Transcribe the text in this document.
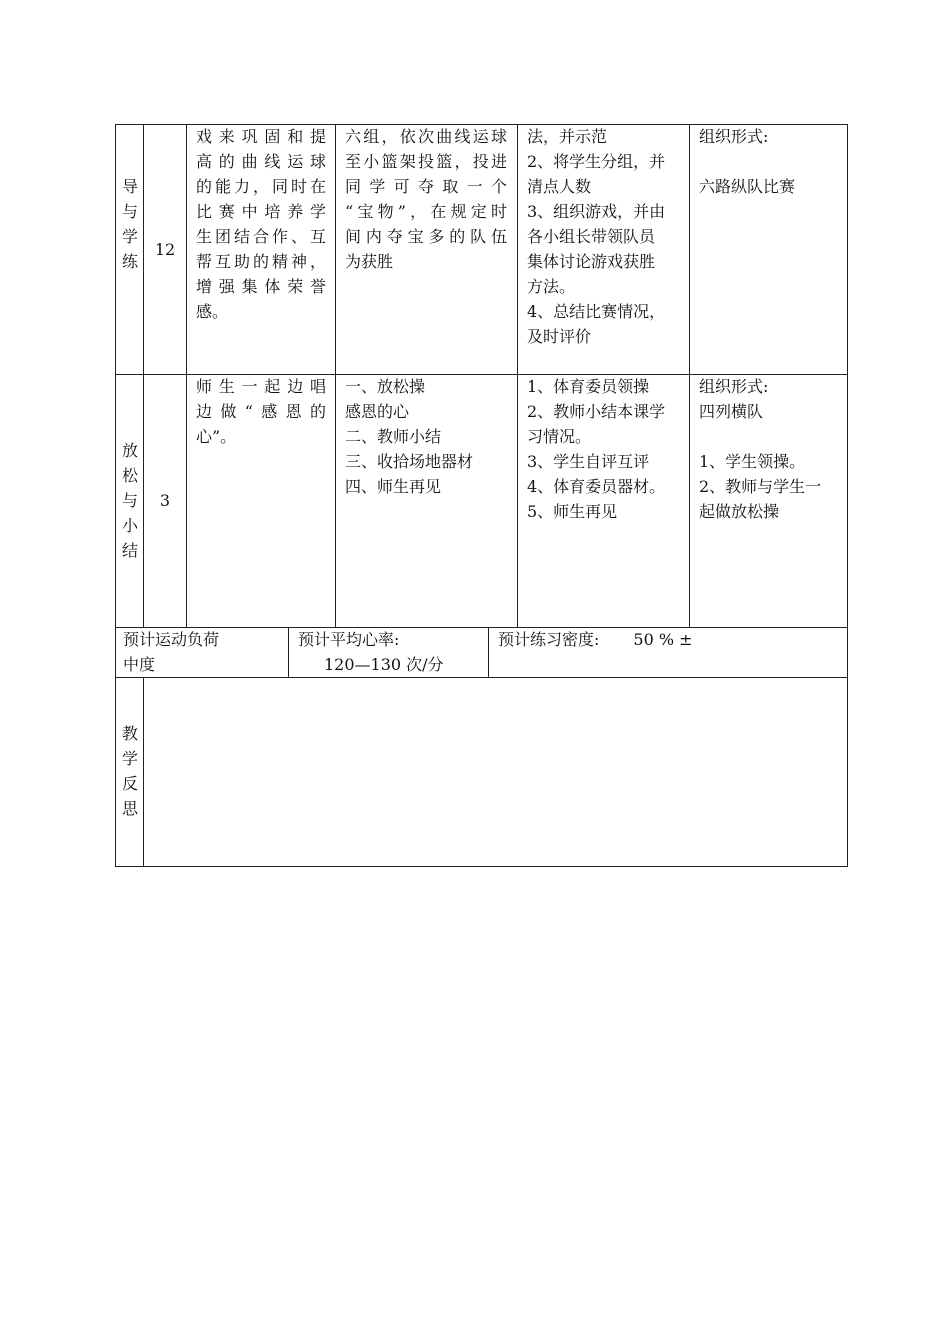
导
与
学
练
12
戏来巩固和提
高的曲线运球
的能力，同时在
比赛中培养学
生团结合作、互
帮互助的精神，
增强集体荣誉
感。
六组，依次曲线运球
至小篮架投篮，投进
同学可夺取一个
“宝物”，在规定时
间内夺宝多的队伍
为获胜
法，并示范
2、将学生分组，并
清点人数
3、组织游戏，并由
各小组长带领队员
集体讨论游戏获胜
方法。
4、总结比赛情况，
及时评价
组织形式:

六路纵队比赛
放
松
与
小
结
3
师生一起边唱
边做“感恩的
心”。
一、放松操
感恩的心
二、教师小结
三、收拾场地器材
四、师生再见
1、体育委员领操
2、教师小结本课学
习情况。
3、学生自评互评
4、体育委员器材。
5、师生再见
组织形式:
四列横队

1、学生领操。
2、教师与学生一
起做放松操
预计运动负荷
中度
预计平均心率:
120—130 次/分
预计练习密度: 50 % ±
教
学
反
思
